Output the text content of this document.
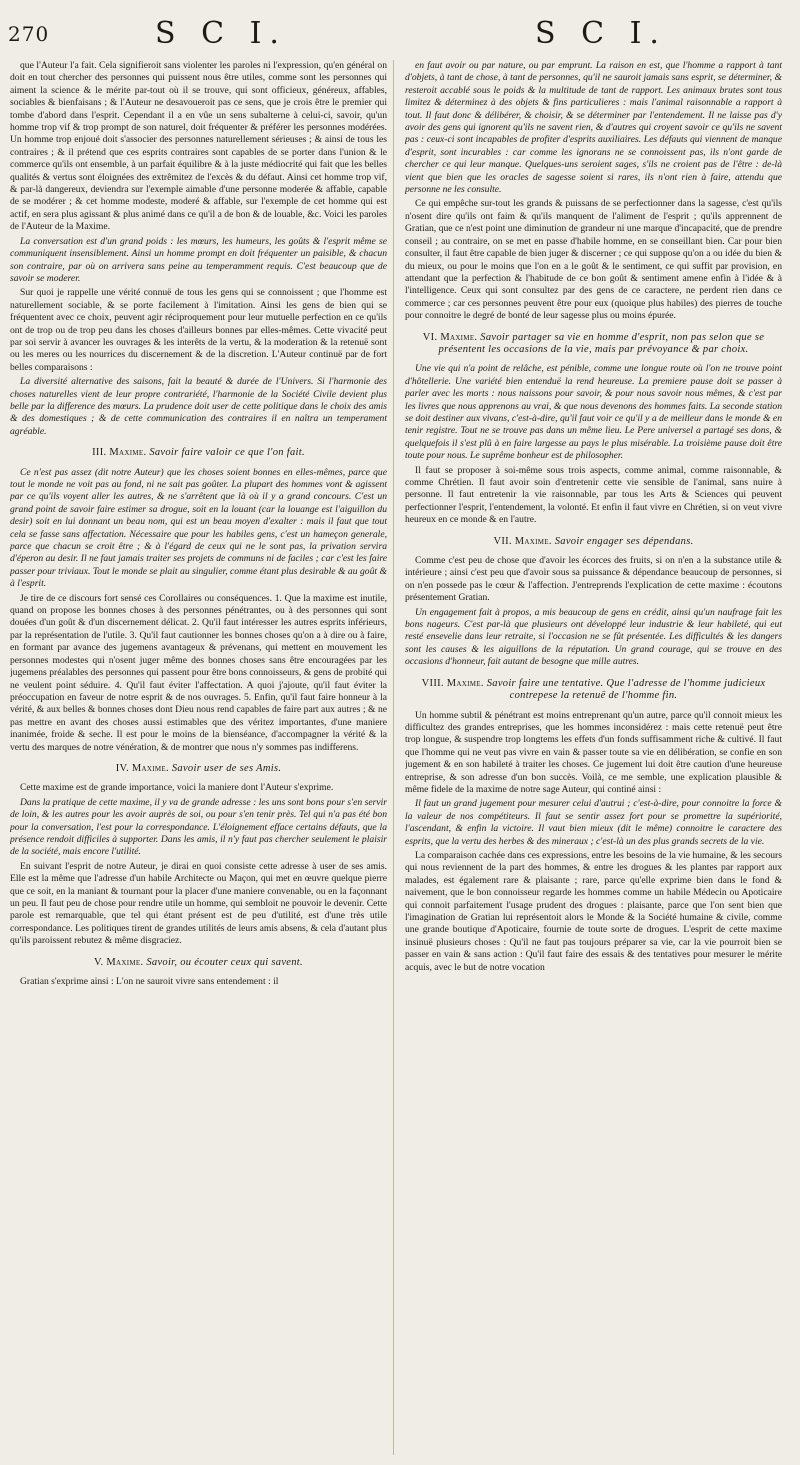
270	S C I.	S C I.

que l'Auteur l'a fait. Cela signifieroit sans violenter les paroles ni l'expression, qu'en général on doit en tout chercher des personnes qui puissent nous être utiles, comme sont les personnes qui aiment la science & le mérite par-tout où il se trouve, qui sont officieux, généreux, affables, sociables & bienfaisans ; & l'Auteur ne desavoueroit pas ce sens, que je crois être le premier qui tombe d'abord dans l'esprit. Cependant il a en vûe un sens subalterne à celui-ci, savoir, qu'un homme trop vif & trop prompt de son naturel, doit fréquenter & préférer les personnes modérées. Un homme trop enjoué doit s'associer des personnes naturellement sérieuses ; & ainsi de tous les contraires ; & il prétend que ces esprits contraires sont capables de se porter dans l'union & le commerce qu'ils ont ensemble, à un parfait équilibre & à la juste médiocrité qui fait que les belles qualités & vertus sont éloignées des extrêmitez de l'excès & du défaut. Ainsi cet homme trop vif, & par-là dangereux, deviendra sur l'exemple aimable d'une personne moderée & affable, capable de se modérer ; & cet homme modeste, moderé & affable, sur l'exemple de cet homme qui est actif, en sera plus agissant & plus animé dans ce qu'il a de bon & de louable, &c. Voici les paroles de l'Auteur de la Maxime.

La conversation est d'un grand poids : les mœurs, les humeurs, les goûts & l'esprit même se communiquent insensiblement. Ainsi un homme prompt en doit fréquenter un paisible, & chacun son contraire, par où on arrivera sans peine au temperamment requis. C'est beaucoup que de savoir se moderer.

Sur quoi je rappelle une vérité connuë de tous les gens qui se connoissent ; que l'homme est naturellement sociable, & se porte facilement à l'imitation. Ainsi les gens de bien qui se fréquentent avec ce choix, peuvent agir réciproquement pour leur mutuelle perfection en ce qu'ils ont de trop ou de trop peu dans les choses d'ailleurs bonnes par elles-mêmes. Cette vivacité peut par soi servir à avancer les ouvrages & les interêts de la vertu, & la moderation & la retenuë sont ou les meres ou les nourrices du discernement & de la discretion. L'Auteur continuë par de fort belles comparaisons :

La diversité alternative des saisons, fait la beauté & durée de l'Univers. Si l'harmonie des choses naturelles vient de leur propre contrariété, l'harmonie de la Société Civile devient plus belle par la difference des mœurs. La prudence doit user de cette politique dans le choix des amis & des domestiques ; & de cette communication des contraires il en naîtra un temperament agréable.

III. Maxime. Savoir faire valoir ce que l'on fait.

Ce n'est pas assez (dit notre Auteur) que les choses soient bonnes en elles-mêmes, parce que tout le monde ne voit pas au fond, ni ne sait pas goûter. La plupart des hommes vont & agissent par ce qu'ils voyent aller les autres, & ne s'arrêtent que là où il y a grand concours. C'est un grand point de savoir faire estimer sa drogue, soit en la louant (car la louange est l'aiguillon du desir) soit en lui donnant un beau nom, qui est un beau moyen d'exalter : mais il faut que tout cela se fasse sans affectation. Nécessaire que pour les habiles gens, c'est un hameçon generale, parce que chacun se croit être ; & à l'égard de ceux qui ne le sont pas, la privation servira d'éperon au desir. Il ne faut jamais traiter ses projets de communs ni de faciles ; car c'est les faire passer pour triviaux. Tout le monde se plait au singulier, comme étant plus desirable & au goût & à l'esprit.

Je tire de ce discours fort sensé ces Corollaires ou conséquences. 1. Que la maxime est inutile, quand on propose les bonnes choses à des personnes pénétrantes, ou à des personnes qui sont douées d'un goût & d'un discernement délicat. 2. Qu'il faut intéresser les autres esprits inférieurs, par la représentation de l'utile. 3. Qu'il faut cautionner les bonnes choses qu'on a à dire ou à faire, en formant par avance des jugemens avantageux & prévenans, qui mettent en mouvement les personnes modestes qui n'osent juger même des bonnes choses sans être encouragées par les jugemens préalables des personnes qui passent pour être bons connoisseurs, & gens de probité qui ne veulent point séduire. 4. Qu'il faut éviter l'affectation. A quoi j'ajoute, qu'il faut éviter la préoccupation en faveur de notre esprit & de nos ouvrages. 5. Enfin, qu'il faut faire honneur à la vérité, & aux belles & bonnes choses dont Dieu nous rend capables de faire part aux autres ; & ne pas mettre en avant des choses aussi estimables que des véritez importantes, d'une maniere inanimée, froide & seche. Il est pour le moins de la bienséance, d'accompagner la vérité & la vertu des marques de notre vénération, & de montrer que nous n'y sommes pas indifferens.

IV. Maxime. Savoir user de ses Amis.

Cette maxime est de grande importance, voici la maniere dont l'Auteur s'exprime.

Dans la pratique de cette maxime, il y va de grande adresse : les uns sont bons pour s'en servir de loin, & les autres pour les avoir auprès de soi, ou pour s'en tenir près. Tel qui n'a pas été bon pour la conversation, l'est pour la correspondance. L'éloignement efface certains défauts, que la présence rendoit difficiles à supporter. Dans les amis, il n'y faut pas chercher seulement le plaisir de la société, mais encore l'utilité.

En suivant l'esprit de notre Auteur, je dirai en quoi consiste cette adresse à user de ses amis. Elle est la même que l'adresse d'un habile Architecte ou Maçon, qui met en œuvre quelque pierre que ce soit, en la maniant & tournant pour la placer d'une maniere convenable, ou en la façonnant un peu. Il faut peu de chose pour rendre utile un homme, qui sembloit ne pouvoir le devenir. Cette parole est remarquable, que tel qui étant présent est de peu d'utilité, est d'une très utile correspondance. Les politiques tirent de grandes utilités de leurs amis absens, & cela d'autant plus qu'ils paroissent rebutez & même disgraciez.

V. Maxime. Savoir, ou écouter ceux qui savent.

Gratian s'exprime ainsi : L'on ne sauroit vivre sans entendement : il

en faut avoir ou par nature, ou par emprunt. La raison en est, que l'homme a rapport à tant d'objets, à tant de chose, à tant de personnes, qu'il ne sauroit jamais sans esprit, se déterminer, & resteroit accablé sous le poids & la multitude de tant de rapport. Les animaux brutes sont tous limitez & déterminez à des objets & fins particulieres : mais l'animal raisonnable a rapport à tout. Il faut donc & délibérer, & choisir, & se déterminer par l'entendement. Il ne laisse pas d'y avoir des gens qui ignorent qu'ils ne savent rien, & d'autres qui croyent savoir ce qu'ils ne savent pas : ceux-ci sont incapables de profiter d'esprits auxiliaires. Les défauts qui viennent de manque d'esprit, sont incurables : car comme les ignorans ne se connoissent pas, ils n'ont garde de chercher ce qui leur manque. Quelques-uns seroient sages, s'ils ne croient pas de l'être : de-là vient que bien que les oracles de sagesse soient si rares, ils n'ont rien à faire, attendu que personne ne les consulte.

Ce qui empêche sur-tout les grands & puissans de se perfectionner dans la sagesse, c'est qu'ils n'osent dire qu'ils ont faim & qu'ils manquent de l'aliment de l'esprit ; qu'ils apprennent de Gratian, que ce n'est point une diminution de grandeur ni une marque d'incapacité, que de prendre conseil ; au contraire, on se met en passe d'habile homme, en se conseillant bien. Car pour bien consulter, il faut être capable de bien juger & discerner ; ce qui suppose qu'on a ou idée du bien & du mieux, ou pour le moins que l'on en a le goût & le sentiment, ce qui suffit par provision, en attendant que la perfection & l'habitude de ce bon goût & sentiment amene enfin à l'idée & à l'intelligence. Ceux qui sont consultez par des gens de ce caractere, ne perdent rien dans ce commerce ; car ces personnes peuvent être pour eux (quoique plus habiles) des pierres de touche pour connoitre le degré de bonté de leur sagesse plus ou moins épurée.

VI. Maxime. Savoir partager sa vie en homme d'esprit, non pas selon que se présentent les occasions de la vie, mais par prévoyance & par choix.

Une vie qui n'a point de relâche, est pénible, comme une longue route où l'on ne trouve point d'hôtellerie. Une variété bien entenduë la rend heureuse. La premiere pause doit se passer à parler avec les morts : nous naissons pour savoir, & pour nous savoir nous mêmes, & c'est par les livres que nous apprenons au vrai, & que nous devenons des hommes faits. La seconde station se doit destiner aux vivans, c'est-à-dire, qu'il faut voir ce qu'il y a de meilleur dans le monde & en tenir registre. Tout ne se trouve pas dans un même lieu. Le Pere universel a partagé ses dons, & quelquefois il s'est plû à en faire largesse au pays le plus misérable. La troisième pause doit être toute pour nous. Le suprême bonheur est de philosopher.

Il faut se proposer à soi-même sous trois aspects, comme animal, comme raisonnable, & comme Chrétien. Il faut avoir soin d'entretenir cette vie sensible de l'animal, sans nuire à personne. Il faut entretenir la vie raisonnable, par tous les Arts & Sciences qui peuvent perfectionner l'esprit, l'entendement, la volonté. Et enfin il faut vivre en Chrétien, si on veut vivre heureux en ce monde & en l'autre.

VII. Maxime. Savoir engager ses dépendans.

Comme c'est peu de chose que d'avoir les écorces des fruits, si on n'en a la substance utile & intérieure ; ainsi c'est peu que d'avoir sous sa puissance & dépendance beaucoup de personnes, si on n'en possede pas le cœur & l'affection. J'entreprends l'explication de cette maxime : écoutons présentement Gratian.

Un engagement fait à propos, a mis beaucoup de gens en crédit, ainsi qu'un naufrage fait les bons nageurs. C'est par-là que plusieurs ont développé leur industrie & leur habileté, qui eut resté ensevelie dans leur retraite, si l'occasion ne se fût présentée. Les difficultés & les dangers sont les causes & les aiguillons de la réputation. Un grand courage, qui se trouve en des occasions d'honneur, fait autant de besogne que mille autres.

VIII. Maxime. Savoir faire une tentative. Que l'adresse de l'homme judicieux contrepese la retenuë de l'homme fin.

Un homme subtil & pénétrant est moins entreprenant qu'un autre, parce qu'il connoit mieux les difficultez des grandes entreprises, que les hommes inconsidérez : mais cette retenuë peut être trop longue, & suspendre trop longtems les effets d'un fonds suffisamment riche & cultivé. Il faut que l'homme qui ne veut pas vivre en vain & passer toute sa vie en délibération, se confie en son jugement & en son habileté à traiter les choses. Ce jugement lui doit être caution d'une heureuse entreprise, & son adresse d'un bon succès. Voilà, ce me semble, une explication plausible & même fidele de la maxime de notre sage Auteur, qui continé ainsi :

Il faut un grand jugement pour mesurer celui d'autrui ; c'est-à-dire, pour connoitre la force & la valeur de nos compétiteurs. Il faut se sentir assez fort pour se promettre la supériorité, l'ascendant, & enfin la victoire. Il vaut bien mieux (dit le même) connoitre le caractere des esprits, que la vertu des herbes & des mineraux ; c'est-là un des plus grands secrets de la vie.

La comparaison cachée dans ces expressions, entre les besoins de la vie humaine, & les secours qui nous reviennent de la part des hommes, & entre les drogues & les plantes par rapport aux malades, est également rare & plaisante ; rare, parce qu'elle exprime bien dans le fond & naivement, que le bon connoisseur regarde les hommes comme un habile Médecin ou Apoticaire qui connoit parfaitement l'usage prudent des drogues : plaisante, parce que l'on sent bien que l'imagination de Gratian lui représentoit alors le Monde & la Société humaine & civile, comme une grande boutique d'Apoticaire, fournie de toute sorte de drogues. L'esprit de cette maxime insinuë plusieurs choses : Qu'il ne faut pas toujours préparer sa vie, car la vie pourroit bien se passer en vain & sans action : Qu'il faut faire des essais & des tentatives pour mesurer le mérite acquis, avec le but de notre vocation
